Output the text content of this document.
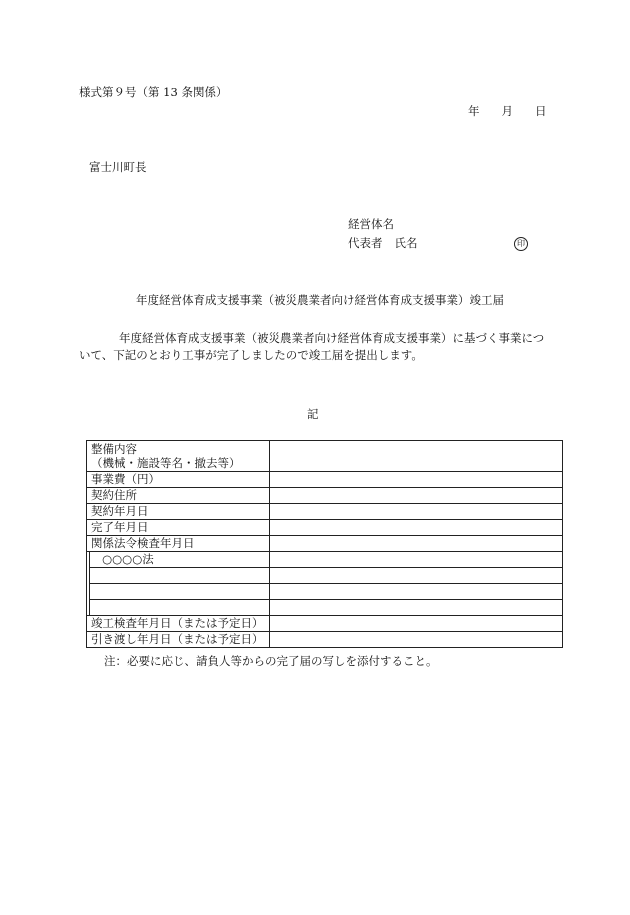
様式第９号（第 13 条関係）
年 月 日
富士川町長
経営体名
代表者 氏名	印
年度経営体育成支援事業（被災農業者向け経営体育成支援事業）竣工届
年度経営体育成支援事業（被災農業者向け経営体育成支援事業）に基づく事業について、下記のとおり工事が完了しましたので竣工届を提出します。
記
整備内容
（機械・施設等名・撤去等）		

事業費（円）		
契約住所		
契約年月日		
完了年月日		
関係法令検査年月日		
	○○○○法	

竣工検査年月日（または予定日）		
引き渡し年月日（または予定日）		
注：必要に応じ、請負人等からの完了届の写しを添付すること。
